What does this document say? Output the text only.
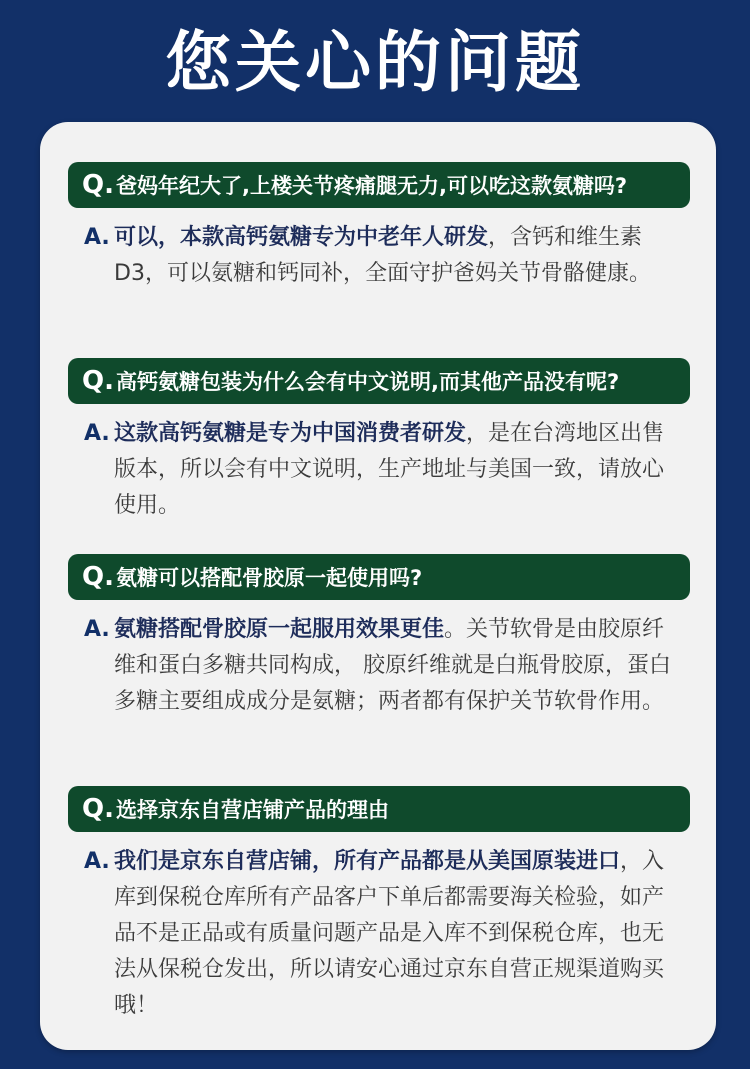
您关心的问题
Q. 爸妈年纪大了,上楼关节疼痛腿无力,可以吃这款氨糖吗?
A. 可以，本款高钙氨糖专为中老年人研发，含钙和维生素D3，可以氨糖和钙同补，全面守护爸妈关节骨骼健康。
Q. 高钙氨糖包装为什么会有中文说明,而其他产品没有呢?
A. 这款高钙氨糖是专为中国消费者研发，是在台湾地区出售版本，所以会有中文说明，生产地址与美国一致，请放心使用。
Q. 氨糖可以搭配骨胶原一起使用吗?
A. 氨糖搭配骨胶原一起服用效果更佳。关节软骨是由胶原纤维和蛋白多糖共同构成， 胶原纤维就是白瓶骨胶原，蛋白多糖主要组成成分是氨糖；两者都有保护关节软骨作用。
Q. 选择京东自营店铺产品的理由
A. 我们是京东自营店铺，所有产品都是从美国原装进口，入库到保税仓库所有产品客户下单后都需要海关检验，如产品不是正品或有质量问题产品是入库不到保税仓库，也无法从保税仓发出，所以请安心通过京东自营正规渠道购买哦！
